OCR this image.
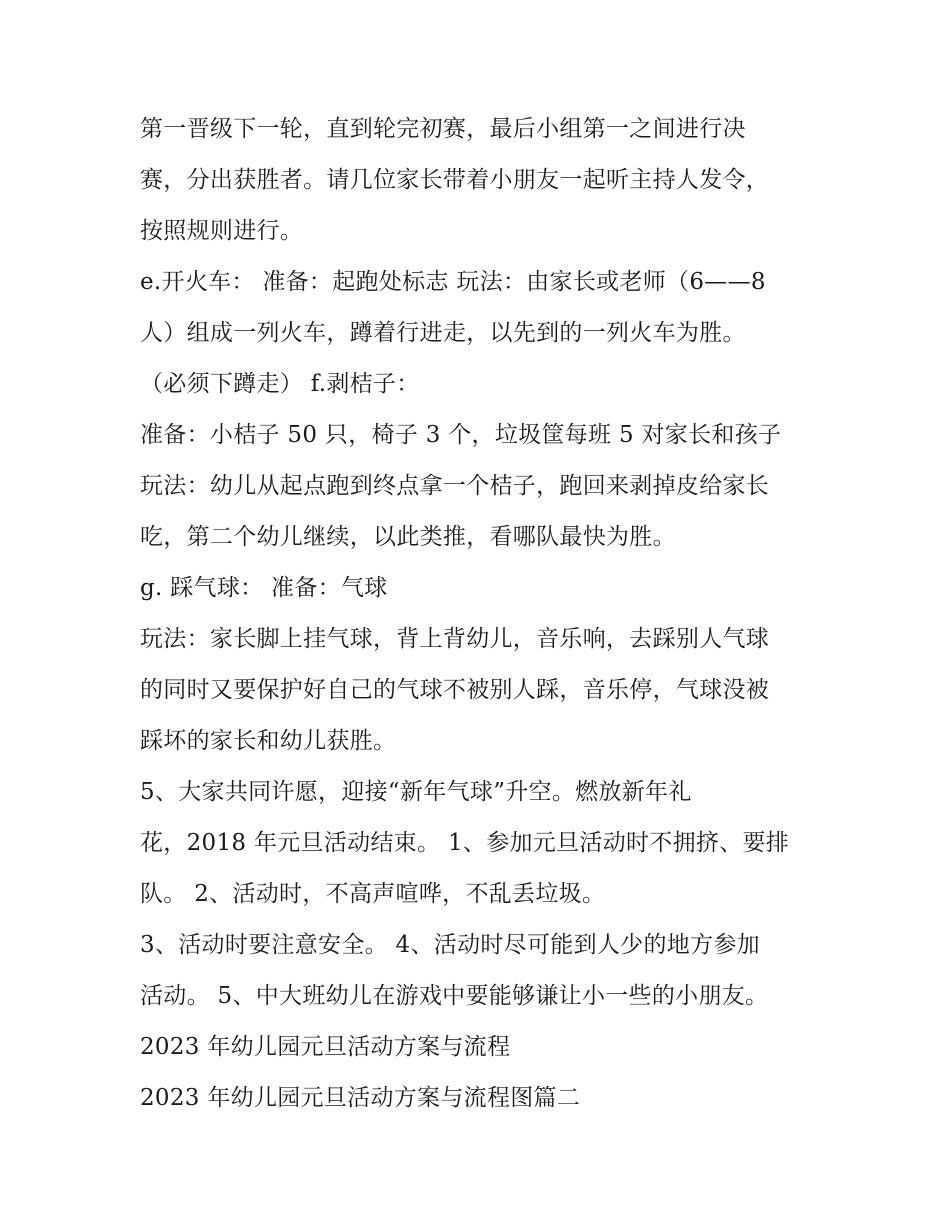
第一晋级下一轮，直到轮完初赛，最后小组第一之间进行决

赛，分出获胜者。请几位家长带着小朋友一起听主持人发令，

按照规则进行。

e.开火车： 准备：起跑处标志 玩法：由家长或老师（6——8

人）组成一列火车，蹲着行进走，以先到的一列火车为胜。

（必须下蹲走） f.剥桔子：

准备：小桔子 50 只，椅子 3 个，垃圾筐每班 5 对家长和孩子

玩法：幼儿从起点跑到终点拿一个桔子，跑回来剥掉皮给家长

吃，第二个幼儿继续，以此类推，看哪队最快为胜。

g. 踩气球： 准备：气球

玩法：家长脚上挂气球，背上背幼儿，音乐响，去踩别人气球

的同时又要保护好自己的气球不被别人踩，音乐停，气球没被

踩坏的家长和幼儿获胜。

5、大家共同许愿，迎接“新年气球”升空。燃放新年礼

花，2018 年元旦活动结束。 1、参加元旦活动时不拥挤、要排

队。 2、活动时，不高声喧哗，不乱丢垃圾。

3、活动时要注意安全。 4、活动时尽可能到人少的地方参加

活动。 5、中大班幼儿在游戏中要能够谦让小一些的小朋友。

2023 年幼儿园元旦活动方案与流程

2023 年幼儿园元旦活动方案与流程图篇二
